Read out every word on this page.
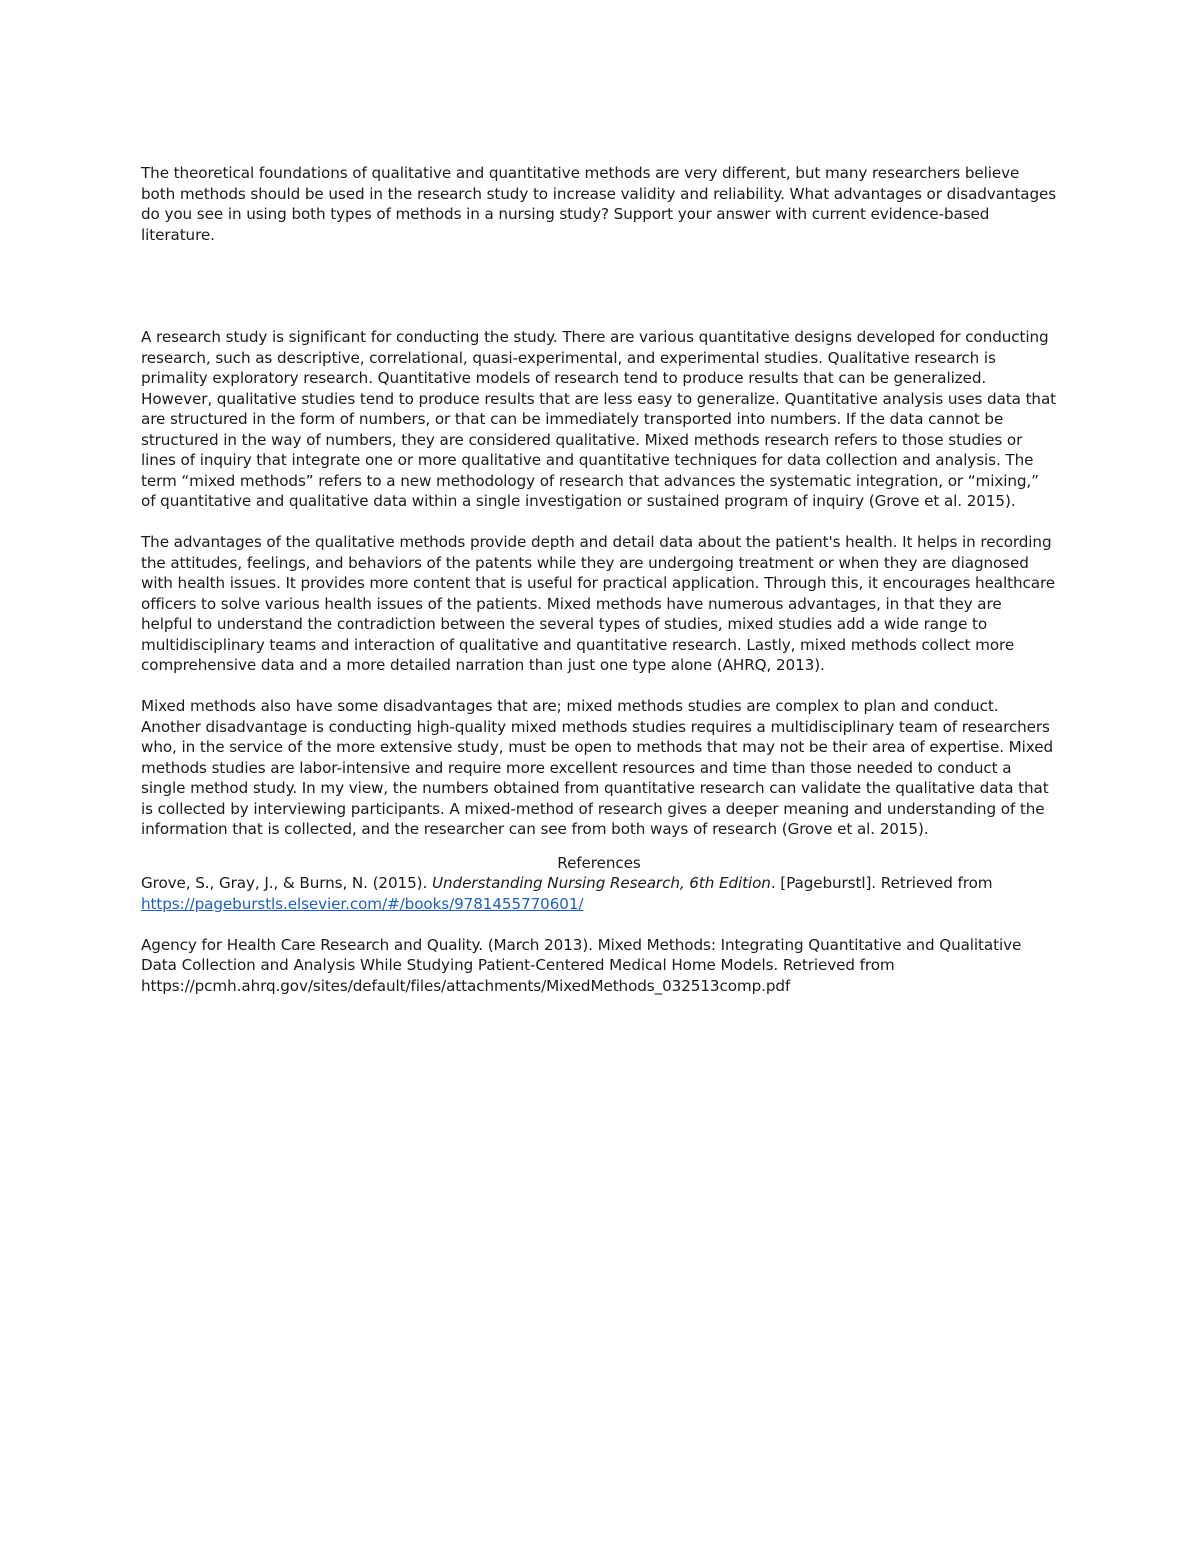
The theoretical foundations of qualitative and quantitative methods are very different, but many researchers believe both methods should be used in the research study to increase validity and reliability. What advantages or disadvantages do you see in using both types of methods in a nursing study? Support your answer with current evidence-based literature.

A research study is significant for conducting the study. There are various quantitative designs developed for conducting research, such as descriptive, correlational, quasi-experimental, and experimental studies. Qualitative research is primality exploratory research. Quantitative models of research tend to produce results that can be generalized. However, qualitative studies tend to produce results that are less easy to generalize. Quantitative analysis uses data that are structured in the form of numbers, or that can be immediately transported into numbers. If the data cannot be structured in the way of numbers, they are considered qualitative. Mixed methods research refers to those studies or lines of inquiry that integrate one or more qualitative and quantitative techniques for data collection and analysis. The term “mixed methods” refers to a new methodology of research that advances the systematic integration, or “mixing,” of quantitative and qualitative data within a single investigation or sustained program of inquiry (Grove et al. 2015).

The advantages of the qualitative methods provide depth and detail data about the patient's health. It helps in recording the attitudes, feelings, and behaviors of the patents while they are undergoing treatment or when they are diagnosed with health issues. It provides more content that is useful for practical application. Through this, it encourages healthcare officers to solve various health issues of the patients. Mixed methods have numerous advantages, in that they are helpful to understand the contradiction between the several types of studies, mixed studies add a wide range to multidisciplinary teams and interaction of qualitative and quantitative research. Lastly, mixed methods collect more comprehensive data and a more detailed narration than just one type alone (AHRQ, 2013).

Mixed methods also have some disadvantages that are; mixed methods studies are complex to plan and conduct. Another disadvantage is conducting high-quality mixed methods studies requires a multidisciplinary team of researchers who, in the service of the more extensive study, must be open to methods that may not be their area of expertise. Mixed methods studies are labor-intensive and require more excellent resources and time than those needed to conduct a single method study. In my view, the numbers obtained from quantitative research can validate the qualitative data that is collected by interviewing participants. A mixed-method of research gives a deeper meaning and understanding of the information that is collected, and the researcher can see from both ways of research (Grove et al. 2015).

References

Grove, S., Gray, J., & Burns, N. (2015). Understanding Nursing Research, 6th Edition. [Pageburstl]. Retrieved from https://pageburstls.elsevier.com/#/books/9781455770601/

Agency for Health Care Research and Quality. (March 2013). Mixed Methods: Integrating Quantitative and Qualitative Data Collection and Analysis While Studying Patient-Centered Medical Home Models. Retrieved from https://pcmh.ahrq.gov/sites/default/files/attachments/MixedMethods_032513comp.pdf
